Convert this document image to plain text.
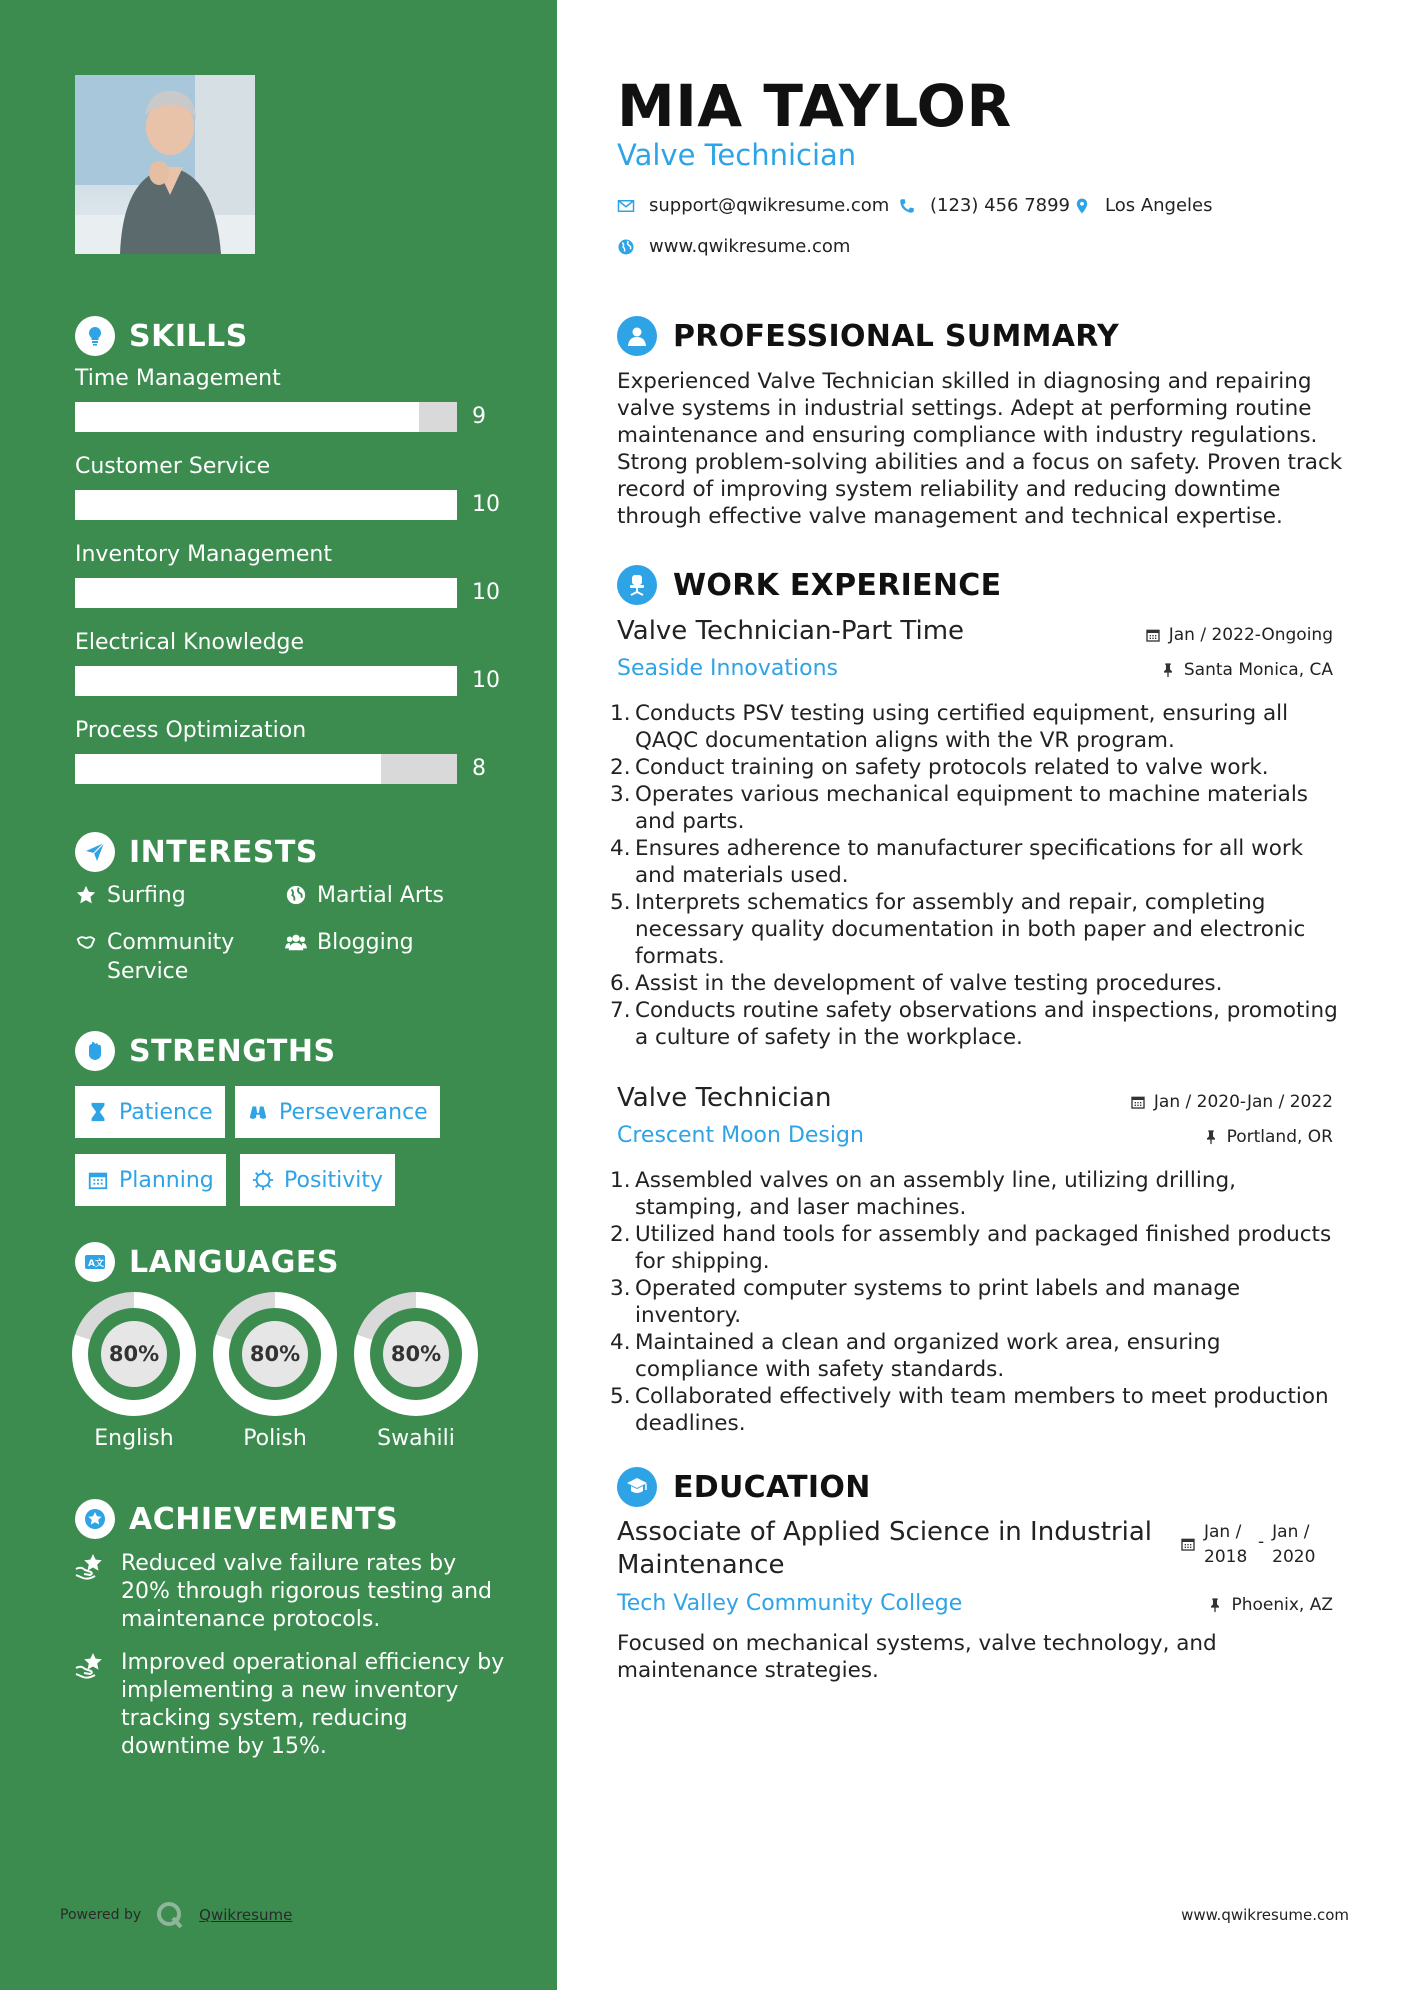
SKILLS
Time Management
9
Customer Service
10
Inventory Management
10
Electrical Knowledge
10
Process Optimization
8
INTERESTS
Surfing	Martial Arts
Community Service
Blogging
STRENGTHS
Patience	Perseverance
Planning	Positivity
A文 LANGUAGES
80%
English
80%
Polish
80%
Swahili
ACHIEVEMENTS
Reduced valve failure rates by 20% through rigorous testing and maintenance protocols.
Improved operational efficiency by implementing a new inventory tracking system, reducing downtime by 15%.
Powered by	Qwikresume
MIA TAYLOR
Valve Technician
support@qwikresume.com (123) 456 7899 Los Angeles
www.qwikresume.com
PROFESSIONAL SUMMARY
Experienced Valve Technician skilled in diagnosing and repairing valve systems in industrial settings. Adept at performing routine maintenance and ensuring compliance with industry regulations. Strong problem-solving abilities and a focus on safety. Proven track record of improving system reliability and reducing downtime through effective valve management and technical expertise.
WORK EXPERIENCE
Valve Technician-Part Time	Jan / 2022-Ongoing
Seaside Innovations	Santa Monica, CA
Conducts PSV testing using certified equipment, ensuring all QAQC documentation aligns with the VR program.
Conduct training on safety protocols related to valve work.
Operates various mechanical equipment to machine materials and parts.
Ensures adherence to manufacturer specifications for all work and materials used.
Interprets schematics for assembly and repair, completing necessary quality documentation in both paper and electronic formats.
Assist in the development of valve testing procedures.
Conducts routine safety observations and inspections, promoting a culture of safety in the workplace.
Valve Technician	Jan / 2020-Jan / 2022
Crescent Moon Design	Portland, OR
Assembled valves on an assembly line, utilizing drilling, stamping, and laser machines.
Utilized hand tools for assembly and packaged finished products for shipping.
Operated computer systems to print labels and manage inventory.
Maintained a clean and organized work area, ensuring compliance with safety standards.
Collaborated effectively with team members to meet production deadlines.
EDUCATION
Associate of Applied Science in Industrial Maintenance
Jan / 2018
- Jan / 2020
Tech Valley Community College	Phoenix, AZ
Focused on mechanical systems, valve technology, and maintenance strategies.
www.qwikresume.com
